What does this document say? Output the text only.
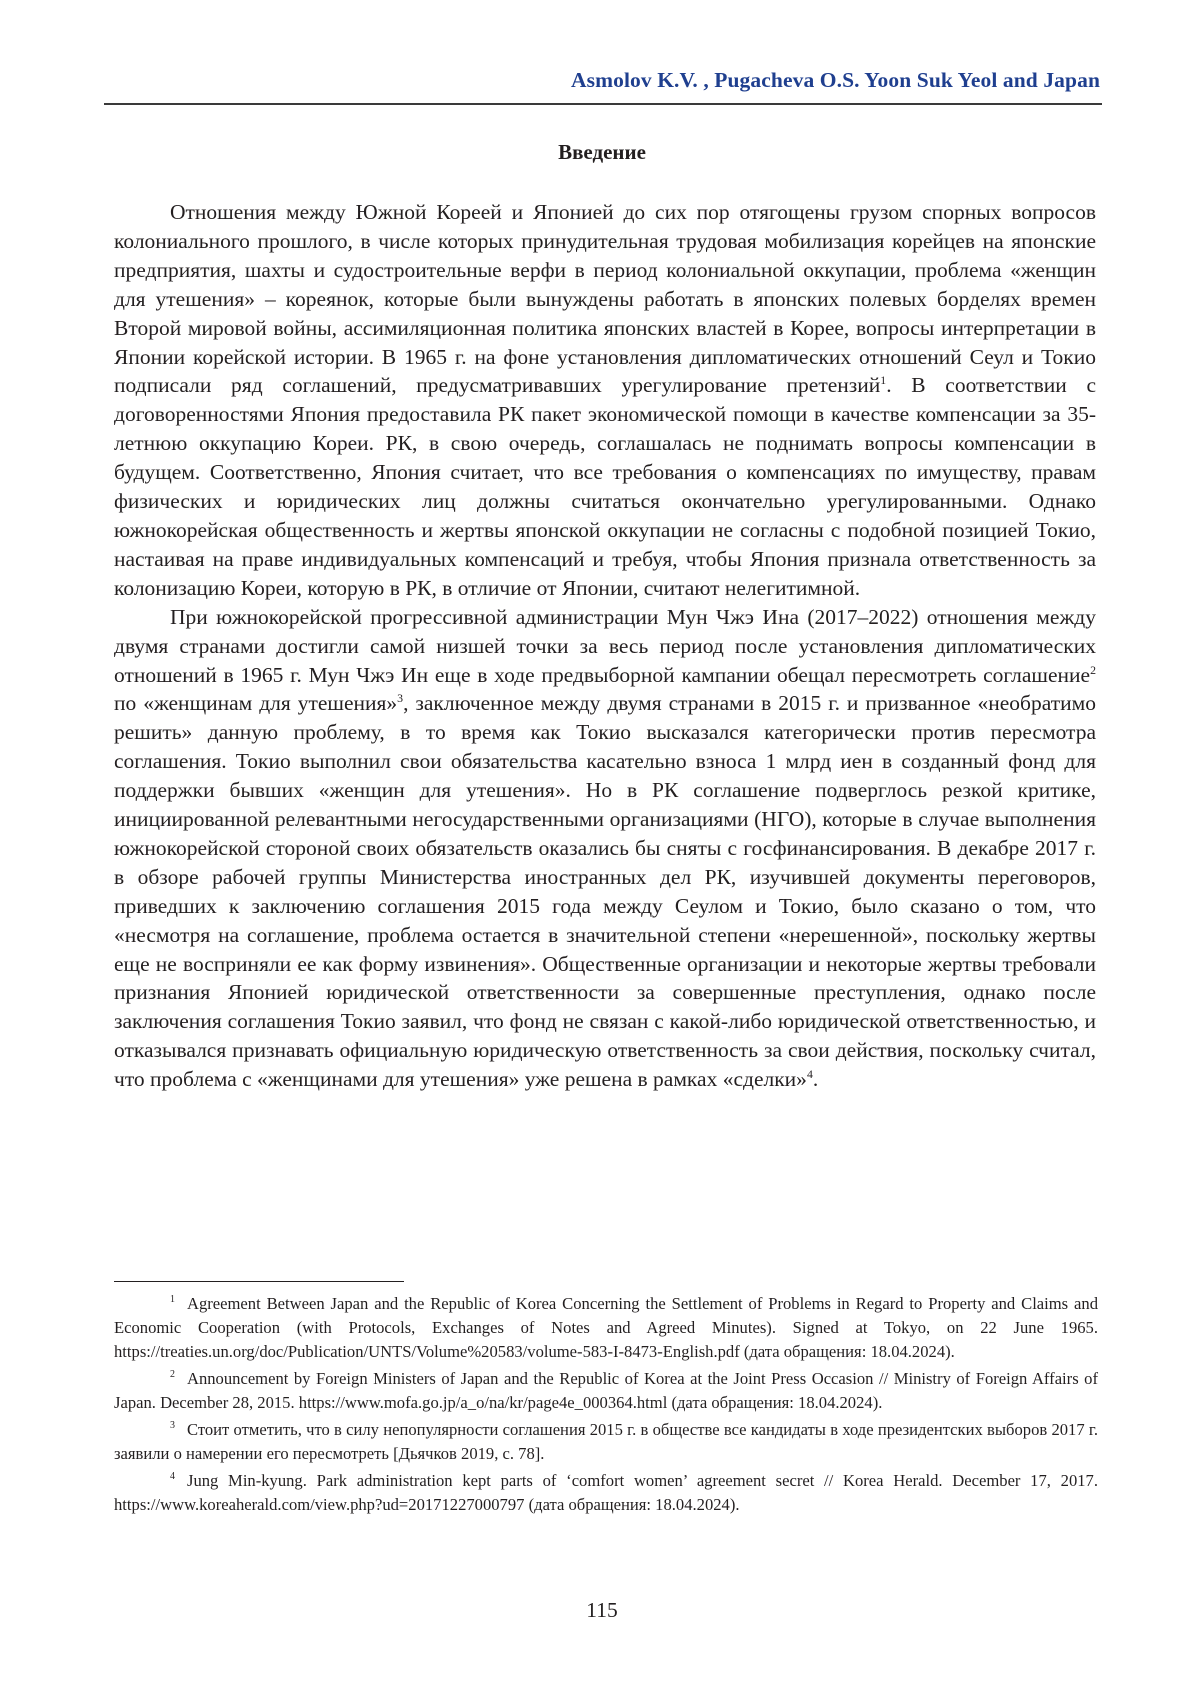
Asmolov K.V. , Pugacheva O.S. Yoon Suk Yeol and Japan
Введение

Отношения между Южной Кореей и Японией до сих пор отягощены грузом спорных вопросов колониального прошлого, в числе которых принудительная трудовая мобилизация корейцев на японские предприятия, шахты и судостроительные верфи в период колониальной оккупации, проблема «женщин для утешения» – кореянок, которые были вынуждены работать в японских полевых борделях времен Второй мировой войны, ассимиляционная политика японских властей в Корее, вопросы интерпретации в Японии корейской истории. В 1965 г. на фоне установления дипломатических отношений Сеул и Токио подписали ряд соглашений, предусматривавших урегулирование претензий$^1$. В соответствии с договоренностями Япония предоставила РК пакет экономической помощи в качестве компенсации за 35-летнюю оккупацию Кореи. РК, в свою очередь, соглашалась не поднимать вопросы компенсации в будущем. Соответственно, Япония считает, что все требования о компенсациях по имуществу, правам физических и юридических лиц должны считаться окончательно урегулированными. Однако южнокорейская общественность и жертвы японской оккупации не согласны с подобной позицией Токио, настаивая на праве индивидуальных компенсаций и требуя, чтобы Япония признала ответственность за колонизацию Кореи, которую в РК, в отличие от Японии, считают нелегитимной.

При южнокорейской прогрессивной администрации Мун Чжэ Ина (2017–2022) отношения между двумя странами достигли самой низшей точки за весь период после установления дипломатических отношений в 1965 г. Мун Чжэ Ин еще в ходе предвыборной кампании обещал пересмотреть соглашение$^2$ по «женщинам для утешения»$^3$, заключенное между двумя странами в 2015 г. и призванное «необратимо решить» данную проблему, в то время как Токио высказался категорически против пересмотра соглашения. Токио выполнил свои обязательства касательно взноса 1 млрд иен в созданный фонд для поддержки бывших «женщин для утешения». Но в РК соглашение подверглось резкой критике, инициированной релевантными негосударственными организациями (НГО), которые в случае выполнения южнокорейской стороной своих обязательств оказались бы сняты с госфинансирования. В декабре 2017 г. в обзоре рабочей группы Министерства иностранных дел РК, изучившей документы переговоров, приведших к заключению соглашения 2015 года между Сеулом и Токио, было сказано о том, что «несмотря на соглашение, проблема остается в значительной степени «нерешенной», поскольку жертвы еще не восприняли ее как форму извинения». Общественные организации и некоторые жертвы требовали признания Японией юридической ответственности за совершенные преступления, однако после заключения соглашения Токио заявил, что фонд не связан с какой-либо юридической ответственностью, и отказывался признавать официальную юридическую ответственность за свои действия, поскольку считал, что проблема с «женщинами для утешения» уже решена в рамках «сделки»$^4$.

$^1$ Agreement Between Japan and the Republic of Korea Concerning the Settlement of Problems in Regard to Property and Claims and Economic Cooperation (with Protocols, Exchanges of Notes and Agreed Minutes). Signed at Tokyo, on 22 June 1965. https://treaties.un.org/doc/Publication/UNTS/Volume%20583/volume-583-I-8473-English.pdf (дата обращения: 18.04.2024).

$^2$ Announcement by Foreign Ministers of Japan and the Republic of Korea at the Joint Press Occasion // Ministry of Foreign Affairs of Japan. December 28, 2015. https://www.mofa.go.jp/a_o/na/kr/page4e_000364.html (дата обращения: 18.04.2024).

$^3$ Стоит отметить, что в силу непопулярности соглашения 2015 г. в обществе все кандидаты в ходе президентских выборов 2017 г. заявили о намерении его пересмотреть [Дьячков 2019, с. 78].

$^4$ Jung Min-kyung. Park administration kept parts of ‘comfort women’ agreement secret // Korea Herald. December 17, 2017. https://www.koreaherald.com/view.php?ud=20171227000797 (дата обращения: 18.04.2024).

115
